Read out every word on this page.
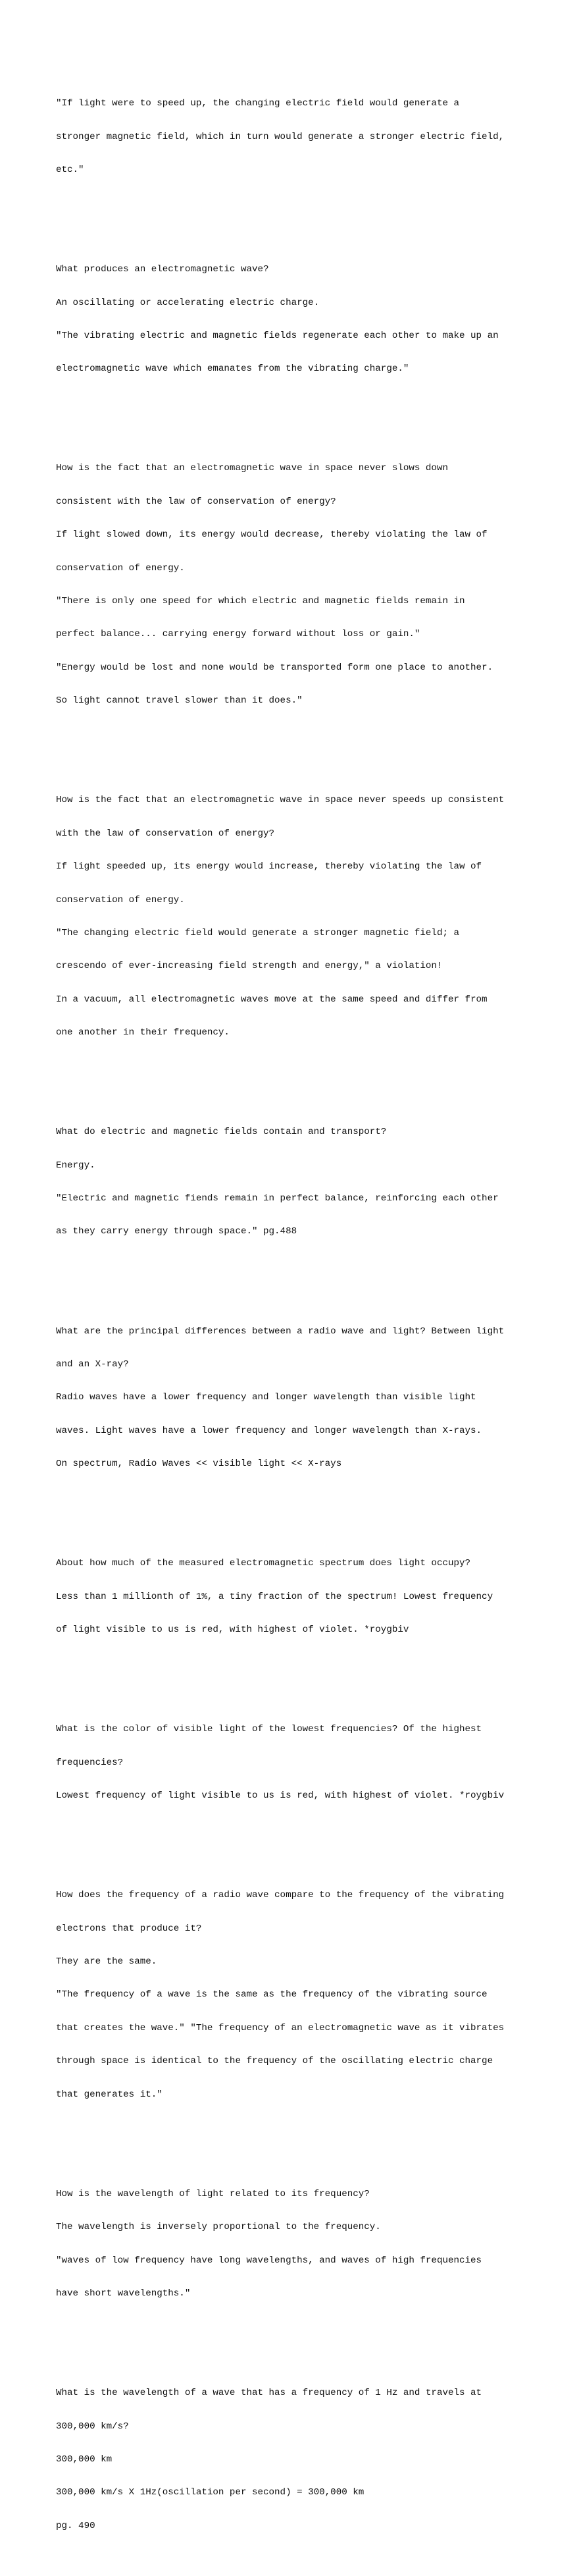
"If light were to speed up, the changing electric field would generate a

stronger magnetic field, which in turn would generate a stronger electric field,

etc."

What produces an electromagnetic wave?

An oscillating or accelerating electric charge.

"The vibrating electric and magnetic fields regenerate each other to make up an

electromagnetic wave which emanates from the vibrating charge."

How is the fact that an electromagnetic wave in space never slows down

consistent with the law of conservation of energy?

If light slowed down, its energy would decrease, thereby violating the law of

conservation of energy.

"There is only one speed for which electric and magnetic fields remain in

perfect balance... carrying energy forward without loss or gain."

"Energy would be lost and none would be transported form one place to another.

So light cannot travel slower than it does."

How is the fact that an electromagnetic wave in space never speeds up consistent

with the law of conservation of energy?

If light speeded up, its energy would increase, thereby violating the law of

conservation of energy.

"The changing electric field would generate a stronger magnetic field; a

crescendo of ever-increasing field strength and energy," a violation!

In a vacuum, all electromagnetic waves move at the same speed and differ from

one another in their frequency.

What do electric and magnetic fields contain and transport?

Energy.

"Electric and magnetic fiends remain in perfect balance, reinforcing each other

as they carry energy through space." pg.488

What are the principal differences between a radio wave and light? Between light

and an X-ray?

Radio waves have a lower frequency and longer wavelength than visible light

waves. Light waves have a lower frequency and longer wavelength than X-rays.

On spectrum, Radio Waves << visible light << X-rays

About how much of the measured electromagnetic spectrum does light occupy?

Less than 1 millionth of 1%, a tiny fraction of the spectrum! Lowest frequency

of light visible to us is red, with highest of violet. *roygbiv

What is the color of visible light of the lowest frequencies? Of the highest

frequencies?

Lowest frequency of light visible to us is red, with highest of violet. *roygbiv

How does the frequency of a radio wave compare to the frequency of the vibrating

electrons that produce it?

They are the same.

"The frequency of a wave is the same as the frequency of the vibrating source

that creates the wave." "The frequency of an electromagnetic wave as it vibrates

through space is identical to the frequency of the oscillating electric charge

that generates it."

How is the wavelength of light related to its frequency?

The wavelength is inversely proportional to the frequency.

"waves of low frequency have long wavelengths, and waves of high frequencies

have short wavelengths."

What is the wavelength of a wave that has a frequency of 1 Hz and travels at

300,000 km/s?

300,000 km

300,000 km/s X 1Hz(oscillation per second) = 300,000 km

pg. 490
